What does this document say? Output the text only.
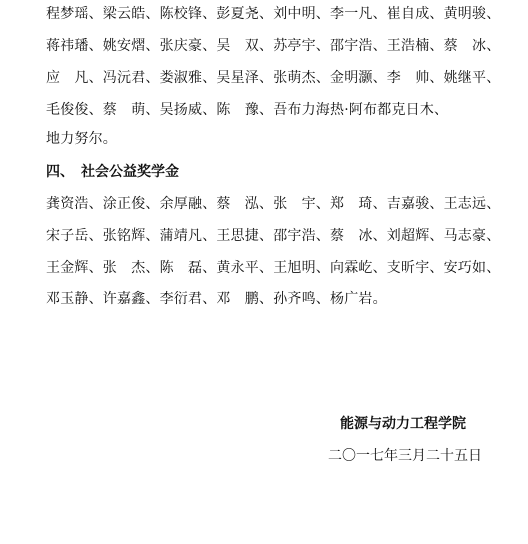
程梦瑶、梁云皓、陈校锋、彭夏尧、刘中明、李一凡、崔自成、黄明骏、
蒋祎璠、姚安熠、张庆豪、吴　双、苏亭宇、邵宇浩、王浩楠、蔡　冰、
应　凡、冯沅君、娄淑雅、吴星泽、张萌杰、金明灏、李　帅、姚继平、
毛俊俊、蔡　萌、吴扬威、陈　豫、吾布力海热·阿布都克日木、
地力努尔。
四、　社会公益奖学金
龚资浩、涂正俊、余厚融、蔡　泓、张　宇、郑　琦、吉嘉骏、王志远、
宋子岳、张铭辉、蒲靖凡、王思捷、邵宇浩、蔡　冰、刘超辉、马志豪、
王金辉、张　杰、陈　磊、黄永平、王旭明、向霖屹、支昕宇、安巧如、
邓玉静、许嘉鑫、李衍君、邓　鹏、孙齐鸣、杨广岩。
能源与动力工程学院
二〇一七年三月二十五日
